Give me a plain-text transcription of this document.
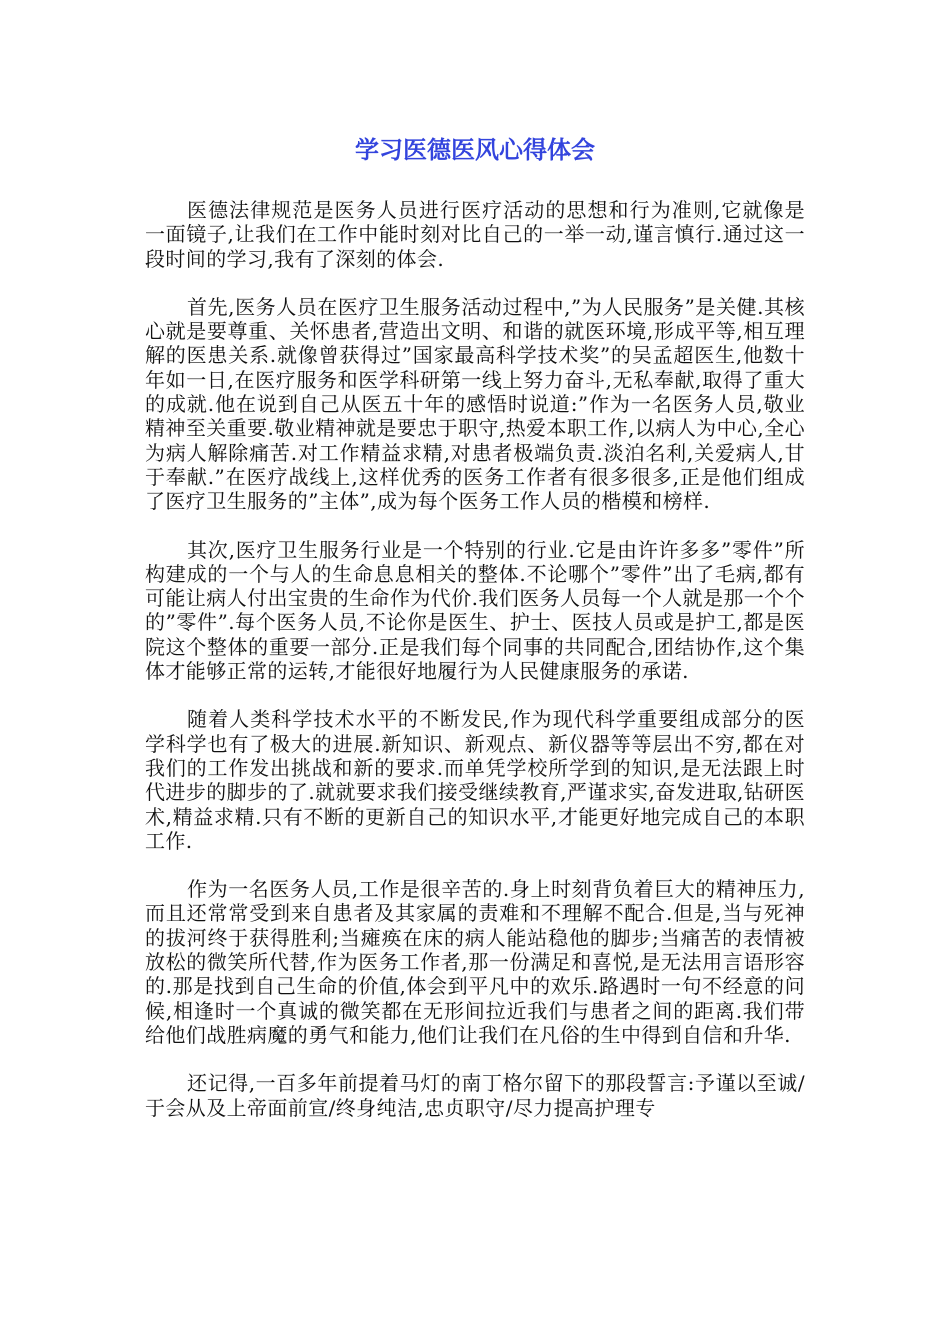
学习医德医风心得体会

医德法律规范是医务人员进行医疗活动的思想和行为准则,它就像是一面镜子,让我们在工作中能时刻对比自己的一举一动,谨言慎行.通过这一段时间的学习,我有了深刻的体会.

首先,医务人员在医疗卫生服务活动过程中,”为人民服务”是关健.其核心就是要尊重、关怀患者,营造出文明、和谐的就医环境,形成平等,相互理解的医患关系.就像曾获得过”国家最高科学技术奖”的吴孟超医生,他数十年如一日,在医疗服务和医学科研第一线上努力奋斗,无私奉献,取得了重大的成就.他在说到自己从医五十年的感悟时说道:”作为一名医务人员,敬业精神至关重要.敬业精神就是要忠于职守,热爱本职工作,以病人为中心,全心为病人解除痛苦.对工作精益求精,对患者极端负责.淡泊名利,关爱病人,甘于奉献.”在医疗战线上,这样优秀的医务工作者有很多很多,正是他们组成了医疗卫生服务的”主体”,成为每个医务工作人员的楷模和榜样.

其次,医疗卫生服务行业是一个特别的行业.它是由许许多多”零件”所构建成的一个与人的生命息息相关的整体.不论哪个”零件”出了毛病,都有可能让病人付出宝贵的生命作为代价.我们医务人员每一个人就是那一个个的”零件”.每个医务人员,不论你是医生、护士、医技人员或是护工,都是医院这个整体的重要一部分.正是我们每个同事的共同配合,团结协作,这个集体才能够正常的运转,才能很好地履行为人民健康服务的承诺.

随着人类科学技术水平的不断发民,作为现代科学重要组成部分的医学科学也有了极大的进展.新知识、新观点、新仪器等等层出不穷,都在对我们的工作发出挑战和新的要求.而单凭学校所学到的知识,是无法跟上时代进步的脚步的了.就就要求我们接受继续教育,严谨求实,奋发进取,钻研医术,精益求精.只有不断的更新自己的知识水平,才能更好地完成自己的本职工作.

作为一名医务人员,工作是很辛苦的.身上时刻背负着巨大的精神压力,而且还常常受到来自患者及其家属的责难和不理解不配合.但是,当与死神的拔河终于获得胜利;当瘫痪在床的病人能站稳他的脚步;当痛苦的表情被放松的微笑所代替,作为医务工作者,那一份满足和喜悦,是无法用言语形容的.那是找到自己生命的价值,体会到平凡中的欢乐.路遇时一句不经意的问候,相逢时一个真诚的微笑都在无形间拉近我们与患者之间的距离.我们带给他们战胜病魔的勇气和能力,他们让我们在凡俗的生中得到自信和升华.

还记得,一百多年前提着马灯的南丁格尔留下的那段誓言:予谨以至诚/于会从及上帝面前宣/终身纯洁,忠贞职守/尽力提高护理专
